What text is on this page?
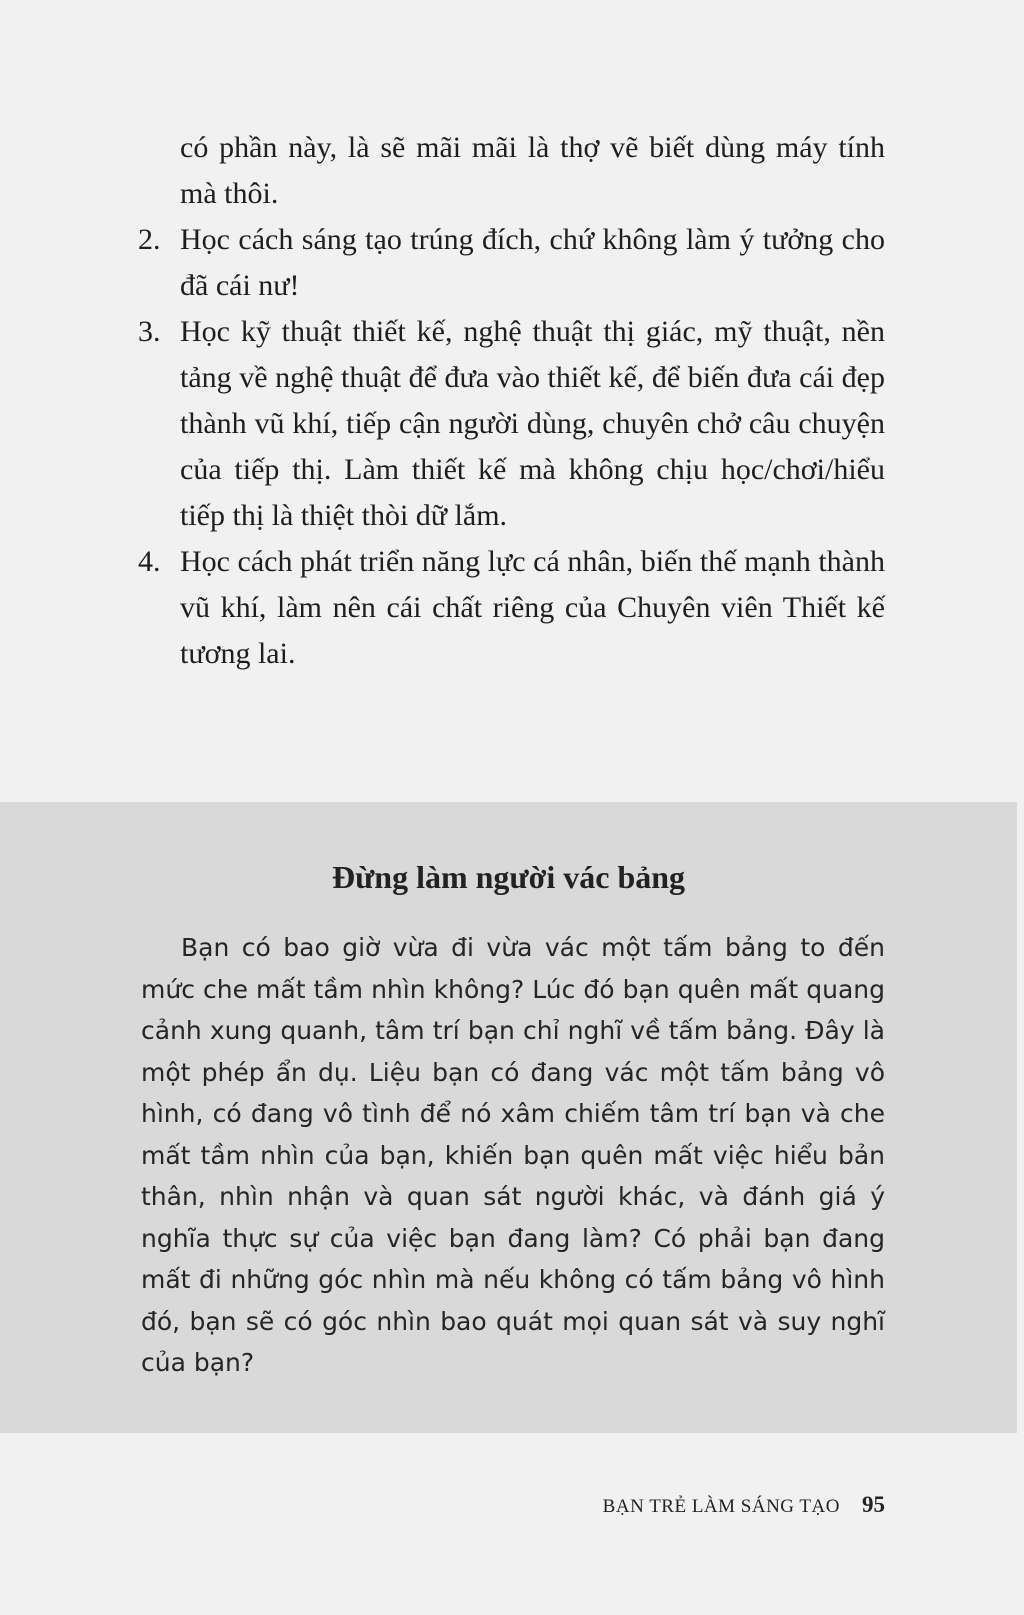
có phần này, là sẽ mãi mãi là thợ vẽ biết dùng máy tính mà thôi.
2. Học cách sáng tạo trúng đích, chứ không làm ý tưởng cho đã cái nư!
3. Học kỹ thuật thiết kế, nghệ thuật thị giác, mỹ thuật, nền tảng về nghệ thuật để đưa vào thiết kế, để biến đưa cái đẹp thành vũ khí, tiếp cận người dùng, chuyên chở câu chuyện của tiếp thị. Làm thiết kế mà không chịu học/chơi/hiểu tiếp thị là thiệt thòi dữ lắm.
4. Học cách phát triển năng lực cá nhân, biến thế mạnh thành vũ khí, làm nên cái chất riêng của Chuyên viên Thiết kế tương lai.
Đừng làm người vác bảng

Bạn có bao giờ vừa đi vừa vác một tấm bảng to đến mức che mất tầm nhìn không? Lúc đó bạn quên mất quang cảnh xung quanh, tâm trí bạn chỉ nghĩ về tấm bảng. Đây là một phép ẩn dụ. Liệu bạn có đang vác một tấm bảng vô hình, có đang vô tình để nó xâm chiếm tâm trí bạn và che mất tầm nhìn của bạn, khiến bạn quên mất việc hiểu bản thân, nhìn nhận và quan sát người khác, và đánh giá ý nghĩa thực sự của việc bạn đang làm? Có phải bạn đang mất đi những góc nhìn mà nếu không có tấm bảng vô hình đó, bạn sẽ có góc nhìn bao quát mọi quan sát và suy nghĩ của bạn?

BẠN TRẺ LÀM SÁNG TẠO 95
